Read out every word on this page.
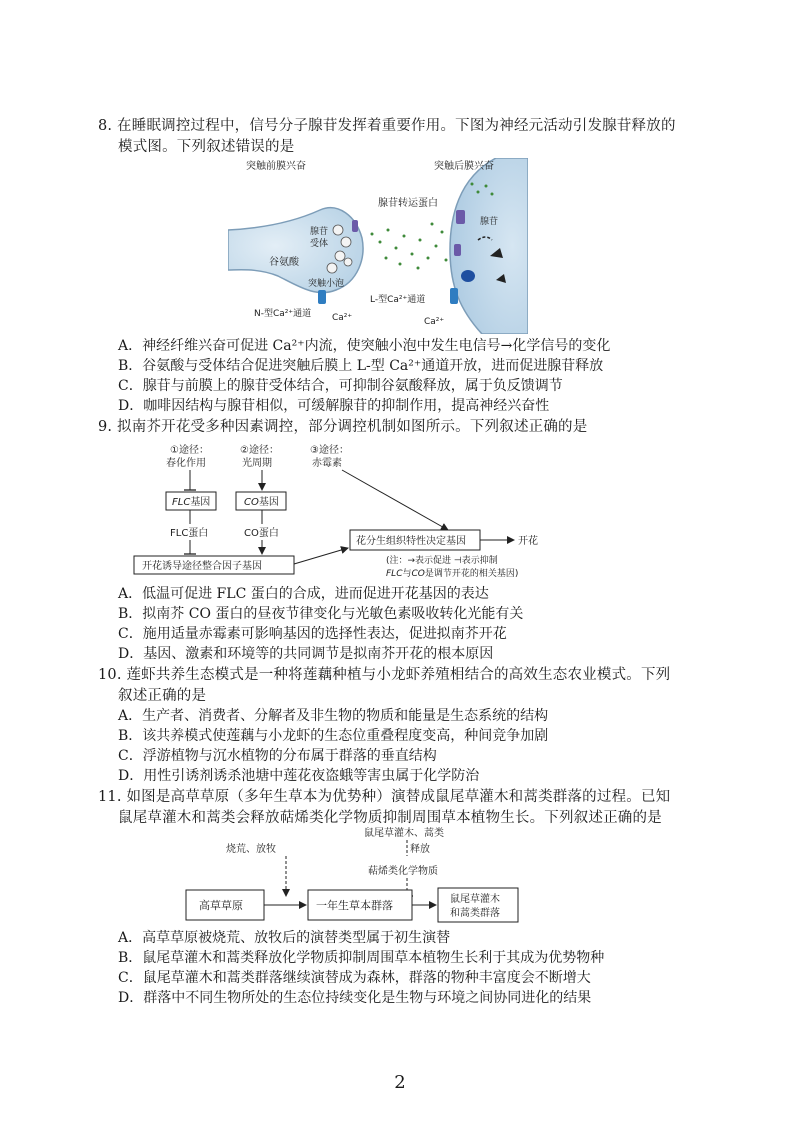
8. 在睡眠调控过程中，信号分子腺苷发挥着重要作用。下图为神经元活动引发腺苷释放的
模式图。下列叙述错误的是
突触前膜兴奋	突触后膜兴奋
腺苷转运蛋白
腺苷
受体
谷氨酸
突触小泡
腺苷
N-型Ca²⁺通道
L-型Ca²⁺通道
Ca²⁺	Ca²⁺
A．神经纤维兴奋可促进 Ca²⁺内流，使突触小泡中发生电信号→化学信号的变化
B．谷氨酸与受体结合促进突触后膜上 L-型 Ca²⁺通道开放，进而促进腺苷释放
C．腺苷与前膜上的腺苷受体结合，可抑制谷氨酸释放，属于负反馈调节
D．咖啡因结构与腺苷相似，可缓解腺苷的抑制作用，提高神经兴奋性
9. 拟南芥开花受多种因素调控，部分调控机制如图所示。下列叙述正确的是
①途径：
春化作用
②途径：
光周期
③途径：
赤霉素
FLC基因	CO基因
FLC蛋白	CO蛋白
开花诱导途径整合因子基因
花分生组织特性决定基因	开花
(注：→表示促进 ⊣表示抑制
FLC与CO是调节开花的相关基因)
A．低温可促进 FLC 蛋白的合成，进而促进开花基因的表达
B．拟南芥 CO 蛋白的昼夜节律变化与光敏色素吸收转化光能有关
C．施用适量赤霉素可影响基因的选择性表达，促进拟南芥开花
D．基因、激素和环境等的共同调节是拟南芥开花的根本原因
10. 莲虾共养生态模式是一种将莲藕种植与小龙虾养殖相结合的高效生态农业模式。下列
叙述正确的是
A．生产者、消费者、分解者及非生物的物质和能量是生态系统的结构
B．该共养模式使莲藕与小龙虾的生态位重叠程度变高，种间竞争加剧
C．浮游植物与沉水植物的分布属于群落的垂直结构
D．用性引诱剂诱杀池塘中莲花夜盗蛾等害虫属于化学防治
11. 如图是高草草原（多年生草本为优势种）演替成鼠尾草灌木和蒿类群落的过程。已知
鼠尾草灌木和蒿类会释放萜烯类化学物质抑制周围草本植物生长。下列叙述正确的是
鼠尾草灌木、蒿类
释放
萜烯类化学物质
烧荒、放牧
高草草原	一年生草本群落	鼠尾草灌木
和蒿类群落
A．高草草原被烧荒、放牧后的演替类型属于初生演替
B．鼠尾草灌木和蒿类释放化学物质抑制周围草本植物生长利于其成为优势物种
C．鼠尾草灌木和蒿类群落继续演替成为森林，群落的物种丰富度会不断增大
D．群落中不同生物所处的生态位持续变化是生物与环境之间协同进化的结果
2
